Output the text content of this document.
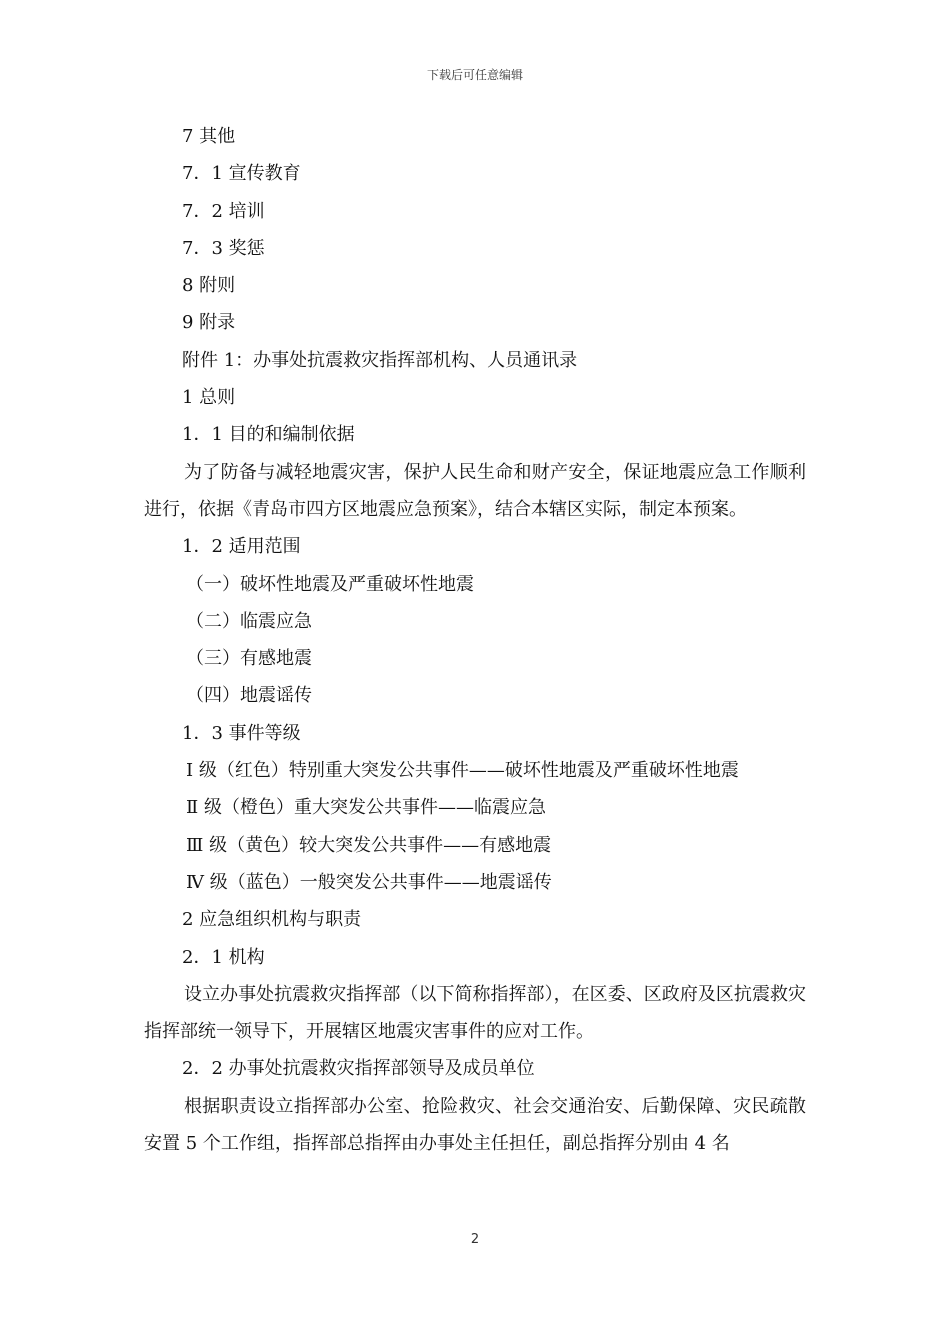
下载后可任意编辑
7 其他
7．1 宣传教育
7．2 培训
7．3 奖惩
8 附则
9 附录
附件 1：办事处抗震救灾指挥部机构、人员通讯录
1 总则
1．1 目的和编制依据
为了防备与减轻地震灾害，保护人民生命和财产安全，保证地震应急工作顺利进行，依据《青岛市四方区地震应急预案》，结合本辖区实际，制定本预案。
1．2 适用范围
（一）破坏性地震及严重破坏性地震
（二）临震应急
（三）有感地震
（四）地震谣传
1．3 事件等级
Ⅰ 级（红色）特别重大突发公共事件——破坏性地震及严重破坏性地震
Ⅱ 级（橙色）重大突发公共事件——临震应急
Ⅲ 级（黄色）较大突发公共事件——有感地震
Ⅳ 级（蓝色）一般突发公共事件——地震谣传
2 应急组织机构与职责
2．1 机构
设立办事处抗震救灾指挥部（以下简称指挥部），在区委、区政府及区抗震救灾指挥部统一领导下，开展辖区地震灾害事件的应对工作。
2．2 办事处抗震救灾指挥部领导及成员单位
根据职责设立指挥部办公室、抢险救灾、社会交通治安、后勤保障、灾民疏散安置 5 个工作组，指挥部总指挥由办事处主任担任，副总指挥分别由 4 名
2
